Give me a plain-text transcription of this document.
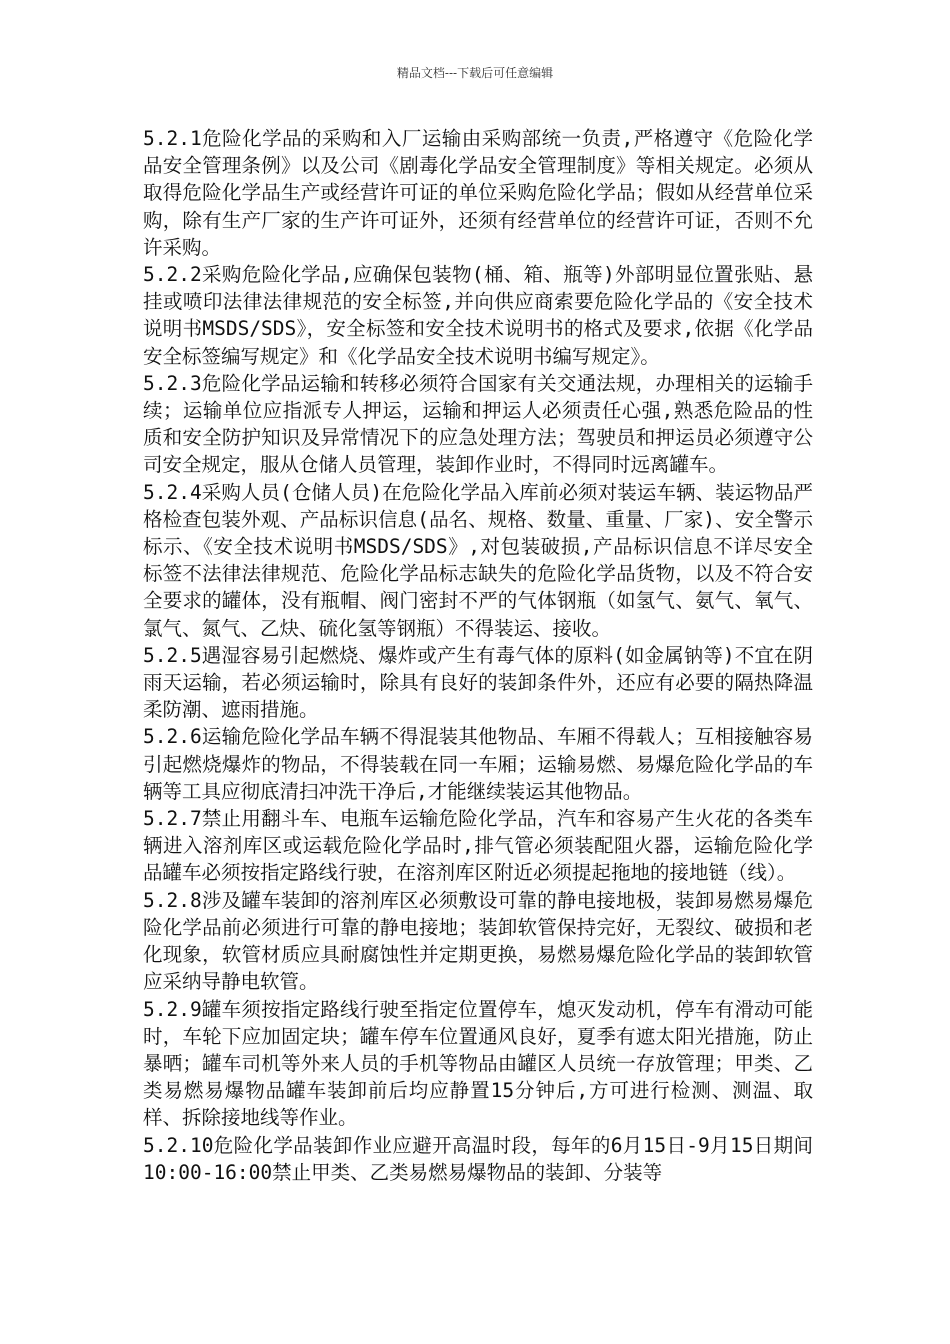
精品文档---下载后可任意编辑

5.2.1危险化学品的采购和入厂运输由采购部统一负责,严格遵守《危险化学品安全管理条例》以及公司《剧毒化学品安全管理制度》等相关规定。必须从取得危险化学品生产或经营许可证的单位采购危险化学品；假如从经营单位采购，除有生产厂家的生产许可证外，还须有经营单位的经营许可证，否则不允许采购。

5.2.2采购危险化学品,应确保包装物(桶、箱、瓶等)外部明显位置张贴、悬挂或喷印法律法律规范的安全标签,并向供应商索要危险化学品的《安全技术说明书MSDS/SDS》，安全标签和安全技术说明书的格式及要求,依据《化学品安全标签编写规定》和《化学品安全技术说明书编写规定》。

5.2.3危险化学品运输和转移必须符合国家有关交通法规，办理相关的运输手续；运输单位应指派专人押运，运输和押运人必须责任心强,熟悉危险品的性质和安全防护知识及异常情况下的应急处理方法；驾驶员和押运员必须遵守公司安全规定，服从仓储人员管理，装卸作业时，不得同时远离罐车。

5.2.4采购人员(仓储人员)在危险化学品入库前必须对装运车辆、装运物品严格检查包装外观、产品标识信息(品名、规格、数量、重量、厂家)、安全警示标示、《安全技术说明书MSDS/SDS》,对包装破损,产品标识信息不详尽安全标签不法律法律规范、危险化学品标志缺失的危险化学品货物，以及不符合安全要求的罐体，没有瓶帽、阀门密封不严的气体钢瓶（如氢气、氨气、氧气、氯气、氮气、乙炔、硫化氢等钢瓶）不得装运、接收。

5.2.5遇湿容易引起燃烧、爆炸或产生有毒气体的原料(如金属钠等)不宜在阴雨天运输，若必须运输时，除具有良好的装卸条件外，还应有必要的隔热降温柔防潮、遮雨措施。

5.2.6运输危险化学品车辆不得混装其他物品、车厢不得载人；互相接触容易引起燃烧爆炸的物品，不得装载在同一车厢；运输易燃、易爆危险化学品的车辆等工具应彻底清扫冲洗干净后,才能继续装运其他物品。

5.2.7禁止用翻斗车、电瓶车运输危险化学品，汽车和容易产生火花的各类车辆进入溶剂库区或运载危险化学品时,排气管必须装配阻火器，运输危险化学品罐车必须按指定路线行驶，在溶剂库区附近必须提起拖地的接地链（线）。

5.2.8涉及罐车装卸的溶剂库区必须敷设可靠的静电接地极，装卸易燃易爆危险化学品前必须进行可靠的静电接地；装卸软管保持完好，无裂纹、破损和老化现象，软管材质应具耐腐蚀性并定期更换，易燃易爆危险化学品的装卸软管应采纳导静电软管。

5.2.9罐车须按指定路线行驶至指定位置停车，熄灭发动机，停车有滑动可能时，车轮下应加固定块；罐车停车位置通风良好，夏季有遮太阳光措施，防止暴晒；罐车司机等外来人员的手机等物品由罐区人员统一存放管理；甲类、乙类易燃易爆物品罐车装卸前后均应静置15分钟后,方可进行检测、测温、取样、拆除接地线等作业。

5.2.10危险化学品装卸作业应避开高温时段，每年的6月15日-9月15日期间10:00-16:00禁止甲类、乙类易燃易爆物品的装卸、分装等
